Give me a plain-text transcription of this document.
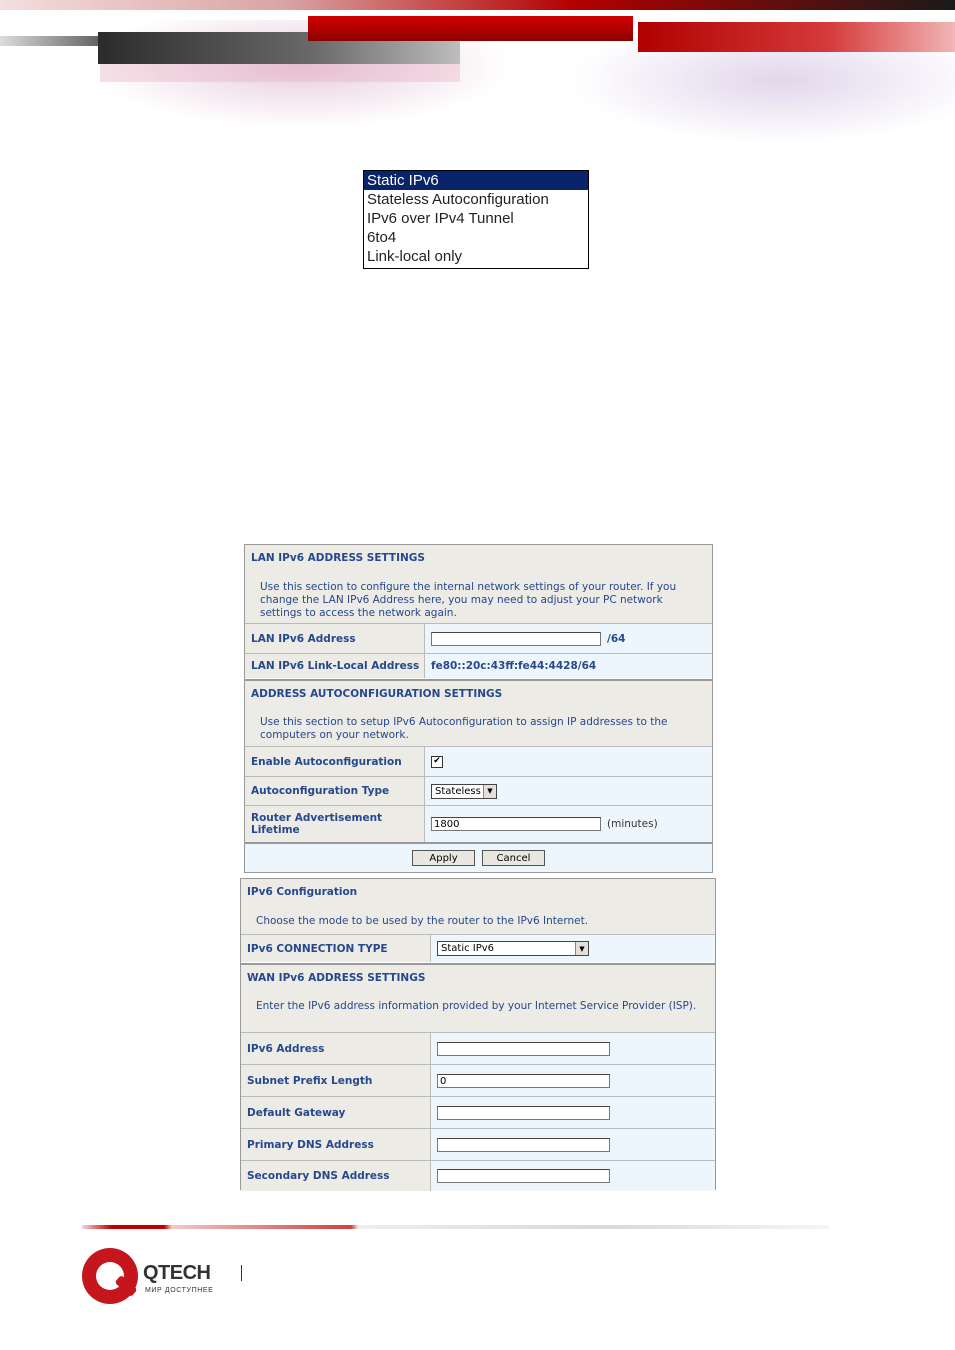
Static IPv6
Stateless Autoconfiguration
IPv6 over IPv4 Tunnel
6to4
Link-local only
LAN IPv6 ADDRESS SETTINGS
Use this section to configure the internal network settings of your router. If you change the LAN IPv6 Address here, you may need to adjust your PC network settings to access the network again.
LAN IPv6 Address	/64
LAN IPv6 Link-Local Address	fe80::20c:43ff:fe44:4428/64
ADDRESS AUTOCONFIGURATION SETTINGS
Use this section to setup IPv6 Autoconfiguration to assign IP addresses to the computers on your network.
Enable Autoconfiguration	✔
Autoconfiguration Type	Stateless ▼
Router Advertisement Lifetime	1800	(minutes)
Apply	Cancel
IPv6 Configuration
Choose the mode to be used by the router to the IPv6 Internet.
IPv6 CONNECTION TYPE	Static IPv6	▼
WAN IPv6 ADDRESS SETTINGS
Enter the IPv6 address information provided by your Internet Service Provider (ISP).
IPv6 Address
Subnet Prefix Length	0
Default Gateway
Primary DNS Address
Secondary DNS Address
QTECH
МИР ДОСТУПНЕЕ
